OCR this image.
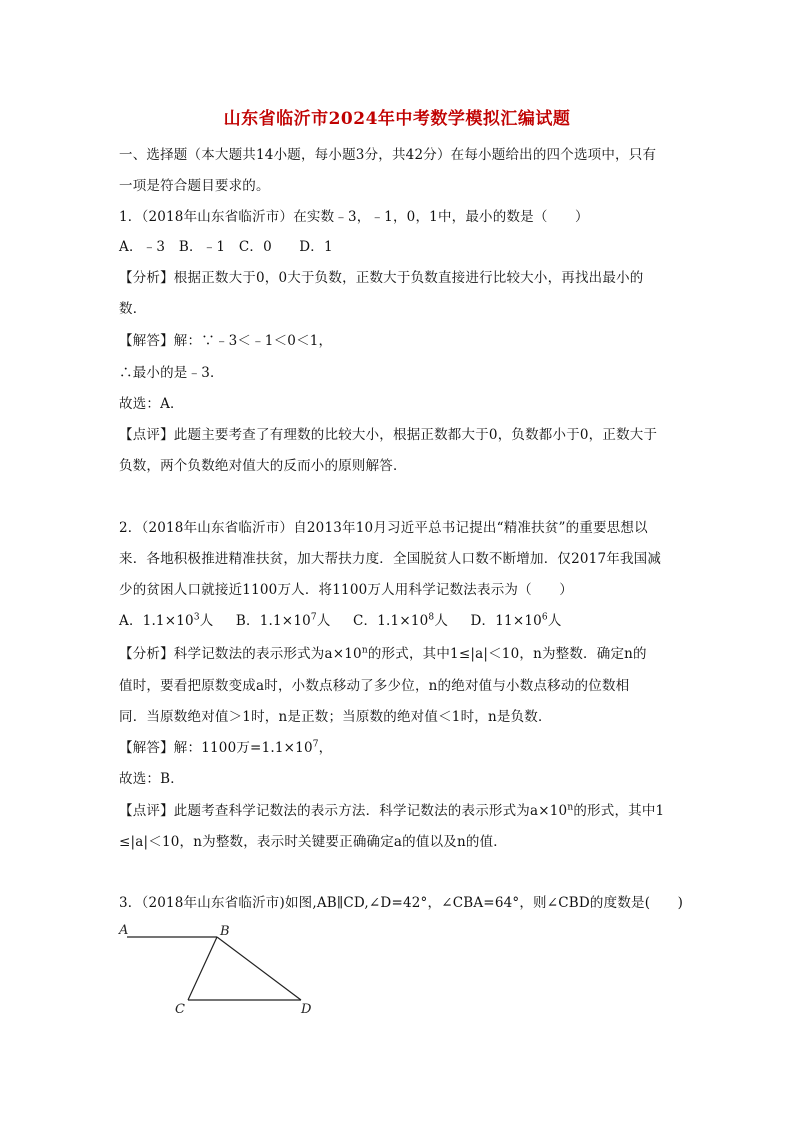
山东省临沂市2024年中考数学模拟汇编试题
一、选择题（本大题共14小题，每小题3分，共42分）在每小题给出的四个选项中，只有
一项是符合题目要求的。
1．（2018年山东省临沂市）在实数﹣3，﹣1，0，1中，最小的数是（　　）
A．﹣3　B．﹣1　C．0　　D．1
【分析】根据正数大于0，0大于负数，正数大于负数直接进行比较大小，再找出最小的
数．
【解答】解：∵﹣3＜﹣1＜0＜1，
∴最小的是﹣3．
故选：A．
【点评】此题主要考查了有理数的比较大小，根据正数都大于0，负数都小于0，正数大于
负数，两个负数绝对值大的反而小的原则解答．
2．（2018年山东省临沂市）自2013年10月习近平总书记提出“精准扶贫”的重要思想以
来．各地积极推进精准扶贫，加大帮扶力度．全国脱贫人口数不断增加．仅2017年我国减
少的贫困人口就接近1100万人．将1100万人用科学记数法表示为（　　）
A．$1.1\times 10^3$人 B．$1.1\times 10^7$人 C．$1.1\times 10^8$人 D．$11\times 10^6$人
【分析】科学记数法的表示形式为$a\times 10^n$的形式，其中1≤|a|＜10，n为整数．确定n的
值时，要看把原数变成a时，小数点移动了多少位，n的绝对值与小数点移动的位数相
同．当原数绝对值＞1时，n是正数；当原数的绝对值＜1时，n是负数．
【解答】解：1100万$=1.1\times 10^7$，
故选：B．
【点评】此题考查科学记数法的表示方法．科学记数法的表示形式为$a\times 10^n$的形式，其中1
≤|a|＜10，n为整数，表示时关键要正确确定a的值以及n的值．
3．（2018年山东省临沂市)如图,AB∥CD,∠D=42°，∠CBA=64°，则∠CBD的度数是(　　)
A	B
C	D
